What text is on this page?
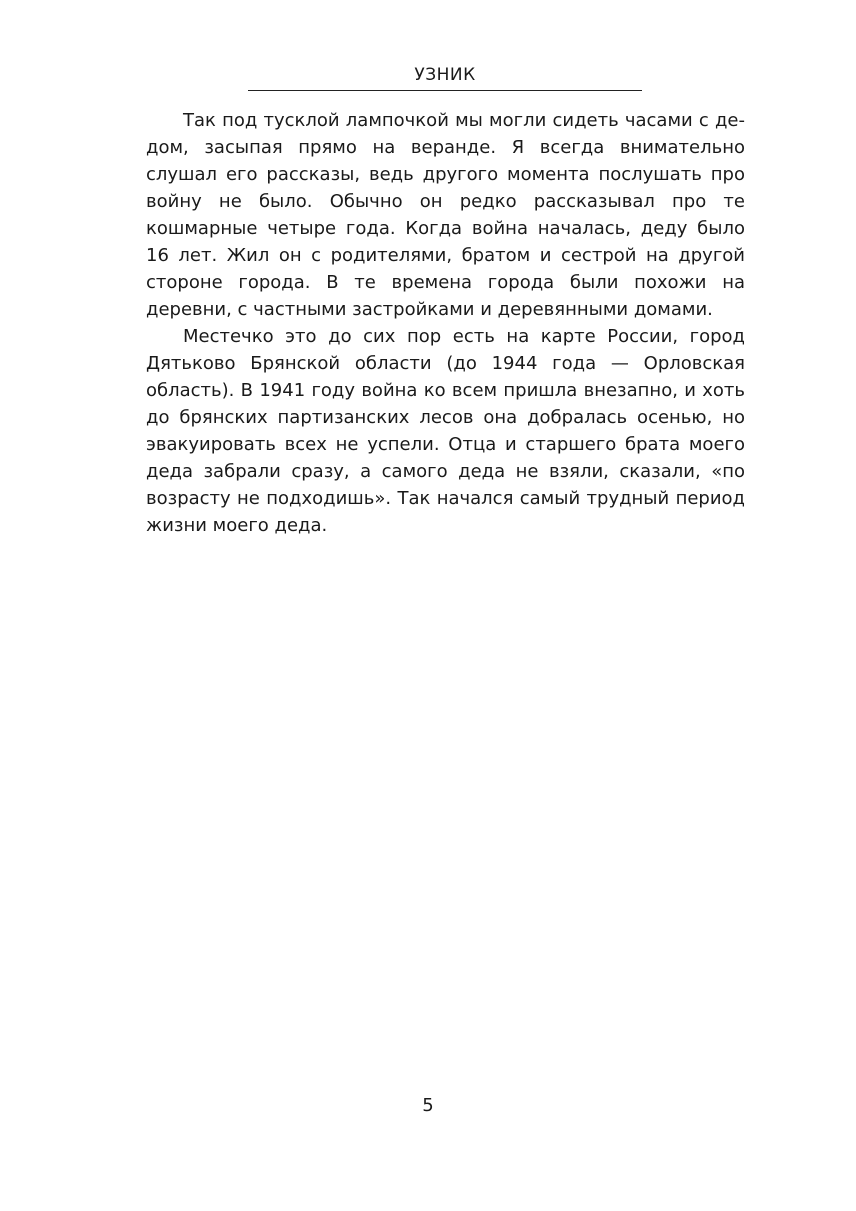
УЗНИК

Так под тусклой лампочкой мы могли сидеть часами с дедом, засыпая прямо на веранде. Я всегда внимательно слушал его рассказы, ведь другого момента послушать про войну не было. Обычно он редко рассказывал про те кошмарные четыре года. Когда война началась, деду было 16 лет. Жил он с родителями, братом и сестрой на другой стороне города. В те времена города были похожи на деревни, с частными застройками и деревянными домами.

Местечко это до сих пор есть на карте России, город Дятьково Брянской области (до 1944 года — Орловская область). В 1941 году война ко всем пришла внезапно, и хоть до брянских партизанских лесов она добралась осенью, но эвакуировать всех не успели. Отца и старшего брата моего деда забрали сразу, а самого деда не взяли, сказали, «по возрасту не подходишь». Так начался самый трудный период жизни моего деда.

5
